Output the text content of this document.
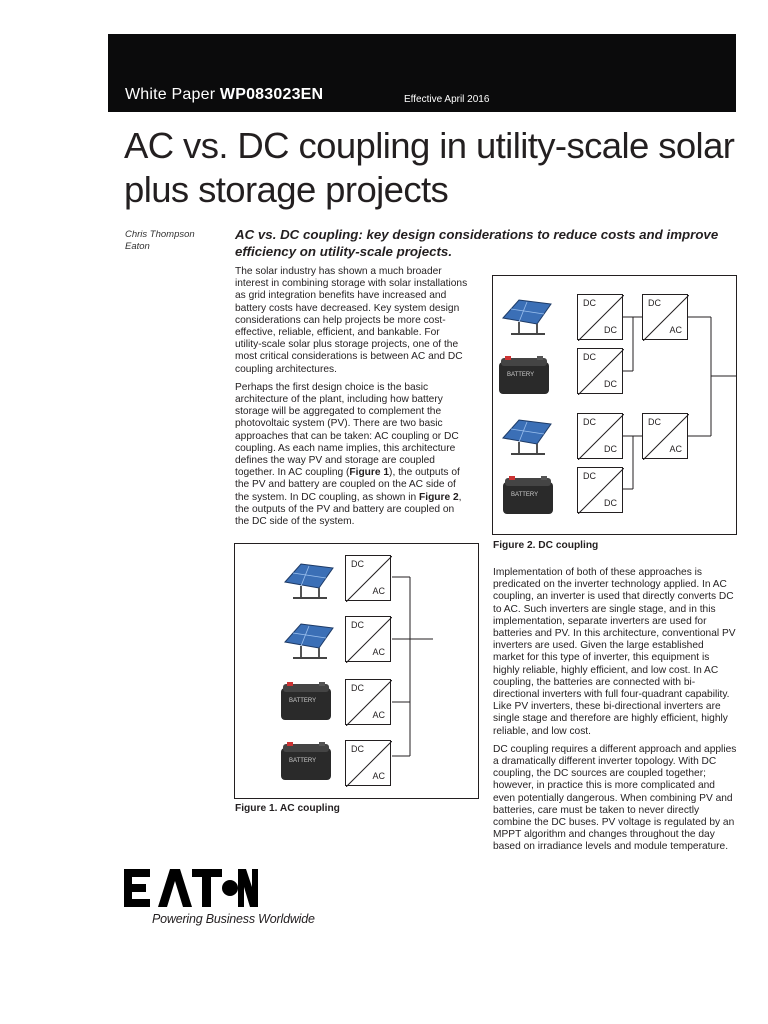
White Paper WP083023EN	Effective April 2016
AC vs. DC coupling in utility-scale solar plus storage projects
Chris Thompson
Eaton
AC vs. DC coupling: key design considerations to reduce costs and improve efficiency on utility-scale projects.

The solar industry has shown a much broader interest in combining storage with solar installations as grid integration benefits have increased and battery costs have decreased. Key system design considerations can help projects be more cost-effective, reliable, efficient, and bankable. For utility-scale solar plus storage projects, one of the most critical considerations is between AC and DC coupling architectures.

Perhaps the first design choice is the basic architecture of the plant, including how battery storage will be aggregated to complement the photovoltaic system (PV). There are two basic approaches that can be taken: AC coupling or DC coupling. As each name implies, this architecture defines the way PV and storage are coupled together. In AC coupling (Figure 1), the outputs of the PV and battery are coupled on the AC side of the system. In DC coupling, as shown in Figure 2, the outputs of the PV and battery are coupled on the DC side of the system.

DC
DC
DC
AC
DC
DC
DC
DC
DC
AC
DC
DC
BATTERY
BATTERY
Figure 2. DC coupling

Implementation of both of these approaches is predicated on the inverter technology applied. In AC coupling, an inverter is used that directly converts DC to AC. Such inverters are single stage, and in this implementation, separate inverters are used for batteries and PV. In this architecture, conventional PV inverters are used. Given the large established market for this type of inverter, this equipment is highly reliable, highly efficient, and low cost. In AC coupling, the batteries are connected with bi-directional inverters with full four-quadrant capability. Like PV inverters, these bi-directional inverters are single stage and therefore are highly efficient, highly reliable, and low cost.

DC coupling requires a different approach and applies a dramatically different inverter topology. With DC coupling, the DC sources are coupled together; however, in practice this is more complicated and even potentially dangerous. When combining PV and batteries, care must be taken to never directly combine the DC buses. PV voltage is regulated by an MPPT algorithm and changes throughout the day based on irradiance levels and module temperature.

DC
AC
DC
AC
DC
AC
DC
AC
BATTERY
BATTERY
Figure 1. AC coupling
Powering Business Worldwide
